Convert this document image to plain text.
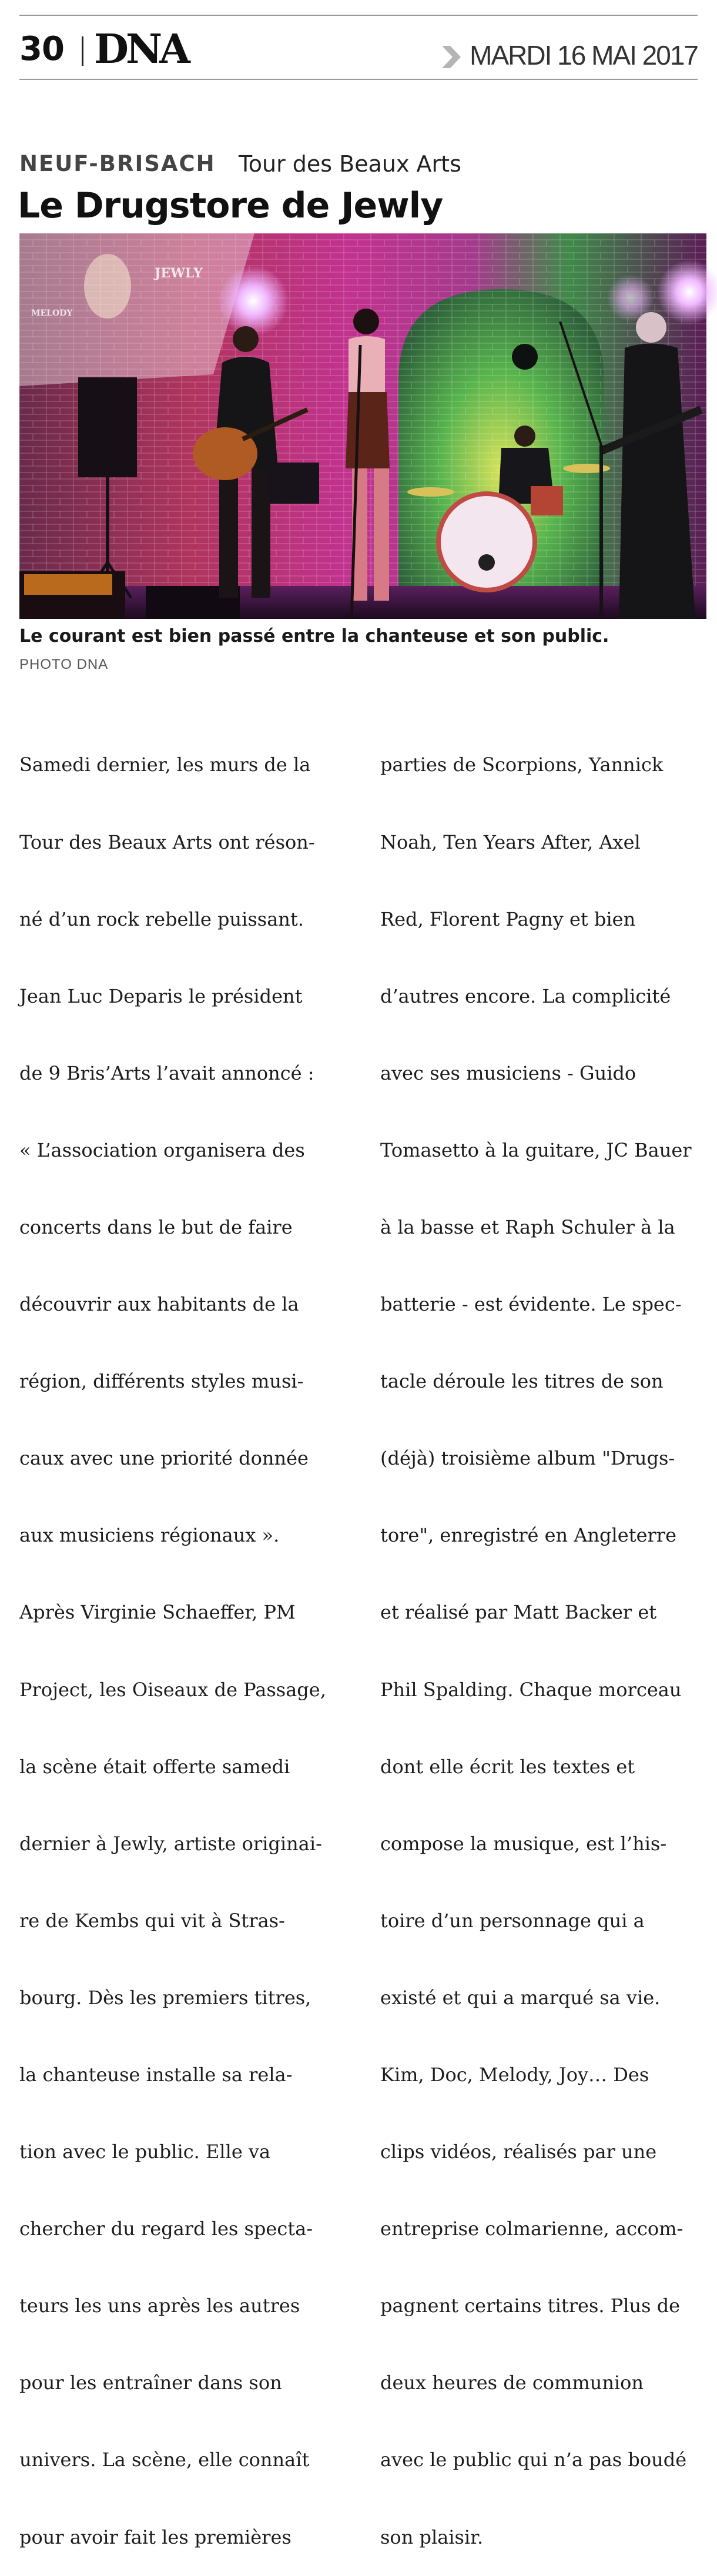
30 DNA	MARDI 16 MAI 2017
NEUF-BRISACH Tour des Beaux Arts
Le Drugstore de Jewly
JEWLY
MELODY
Le courant est bien passé entre la chanteuse et son public.
PHOTO DNA

Samedi dernier, les murs de la

Tour des Beaux Arts ont réson-

né d’un rock rebelle puissant.

Jean Luc Deparis le président

de 9 Bris’Arts l’avait annoncé :

« L’association organisera des

concerts dans le but de faire

découvrir aux habitants de la

région, différents styles musi-

caux avec une priorité donnée

aux musiciens régionaux ».

Après Virginie Schaeffer, PM

Project, les Oiseaux de Passage,

la scène était offerte samedi

dernier à Jewly, artiste originai-

re de Kembs qui vit à Stras-

bourg. Dès les premiers titres,

la chanteuse installe sa rela-

tion avec le public. Elle va

chercher du regard les specta-

teurs les uns après les autres

pour les entraîner dans son

univers. La scène, elle connaît

pour avoir fait les premières

parties de Scorpions, Yannick

Noah, Ten Years After, Axel

Red, Florent Pagny et bien

d’autres encore. La complicité

avec ses musiciens - Guido

Tomasetto à la guitare, JC Bauer

à la basse et Raph Schuler à la

batterie - est évidente. Le spec-

tacle déroule les titres de son

(déjà) troisième album "Drugs-

tore", enregistré en Angleterre

et réalisé par Matt Backer et

Phil Spalding. Chaque morceau

dont elle écrit les textes et

compose la musique, est l’his-

toire d’un personnage qui a

existé et qui a marqué sa vie.

Kim, Doc, Melody, Joy… Des

clips vidéos, réalisés par une

entreprise colmarienne, accom-

pagnent certains titres. Plus de

deux heures de communion

avec le public qui n’a pas boudé

son plaisir.
